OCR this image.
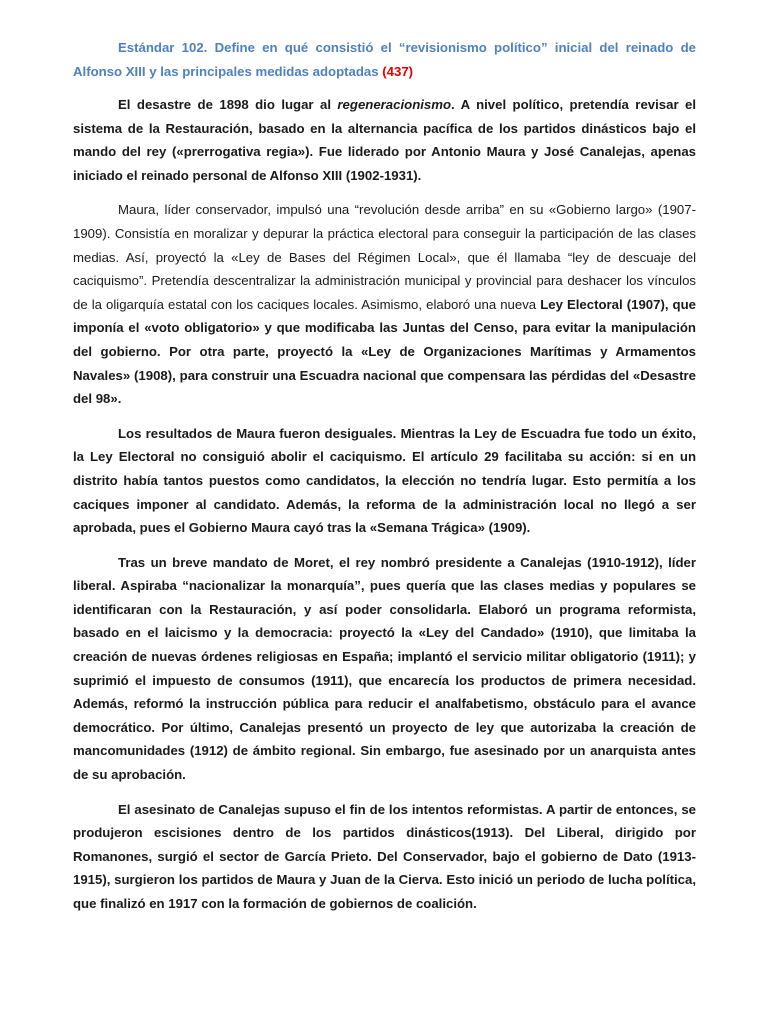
Estándar 102. Define en qué consistió el “revisionismo político” inicial del reinado de Alfonso XIII y las principales medidas adoptadas (437)

El desastre de 1898 dio lugar al regeneracionismo. A nivel político, pretendía revisar el sistema de la Restauración, basado en la alternancia pacífica de los partidos dinásticos bajo el mando del rey («prerrogativa regia»). Fue liderado por Antonio Maura y José Canalejas, apenas iniciado el reinado personal de Alfonso XIII (1902-1931).

Maura, líder conservador, impulsó una “revolución desde arriba” en su «Gobierno largo» (1907-1909). Consistía en moralizar y depurar la práctica electoral para conseguir la participación de las clases medias. Así, proyectó la «Ley de Bases del Régimen Local», que él llamaba “ley de descuaje del caciquismo”. Pretendía descentralizar la administración municipal y provincial para deshacer los vínculos de la oligarquía estatal con los caciques locales. Asimismo, elaboró una nueva Ley Electoral (1907), que imponía el «voto obligatorio» y que modificaba las Juntas del Censo, para evitar la manipulación del gobierno. Por otra parte, proyectó la «Ley de Organizaciones Marítimas y Armamentos Navales» (1908), para construir una Escuadra nacional que compensara las pérdidas del «Desastre del 98».

Los resultados de Maura fueron desiguales. Mientras la Ley de Escuadra fue todo un éxito, la Ley Electoral no consiguió abolir el caciquismo. El artículo 29 facilitaba su acción: si en un distrito había tantos puestos como candidatos, la elección no tendría lugar. Esto permitía a los caciques imponer al candidato. Además, la reforma de la administración local no llegó a ser aprobada, pues el Gobierno Maura cayó tras la «Semana Trágica» (1909).

Tras un breve mandato de Moret, el rey nombró presidente a Canalejas (1910-1912), líder liberal. Aspiraba “nacionalizar la monarquía”, pues quería que las clases medias y populares se identificaran con la Restauración, y así poder consolidarla. Elaboró un programa reformista, basado en el laicismo y la democracia: proyectó la «Ley del Candado» (1910), que limitaba la creación de nuevas órdenes religiosas en España; implantó el servicio militar obligatorio (1911); y suprimió el impuesto de consumos (1911), que encarecía los productos de primera necesidad. Además, reformó la instrucción pública para reducir el analfabetismo, obstáculo para el avance democrático. Por último, Canalejas presentó un proyecto de ley que autorizaba la creación de mancomunidades (1912) de ámbito regional. Sin embargo, fue asesinado por un anarquista antes de su aprobación.

El asesinato de Canalejas supuso el fin de los intentos reformistas. A partir de entonces, se produjeron escisiones dentro de los partidos dinásticos(1913). Del Liberal, dirigido por Romanones, surgió el sector de García Prieto. Del Conservador, bajo el gobierno de Dato (1913-1915), surgieron los partidos de Maura y Juan de la Cierva. Esto inició un periodo de lucha política, que finalizó en 1917 con la formación de gobiernos de coalición.
